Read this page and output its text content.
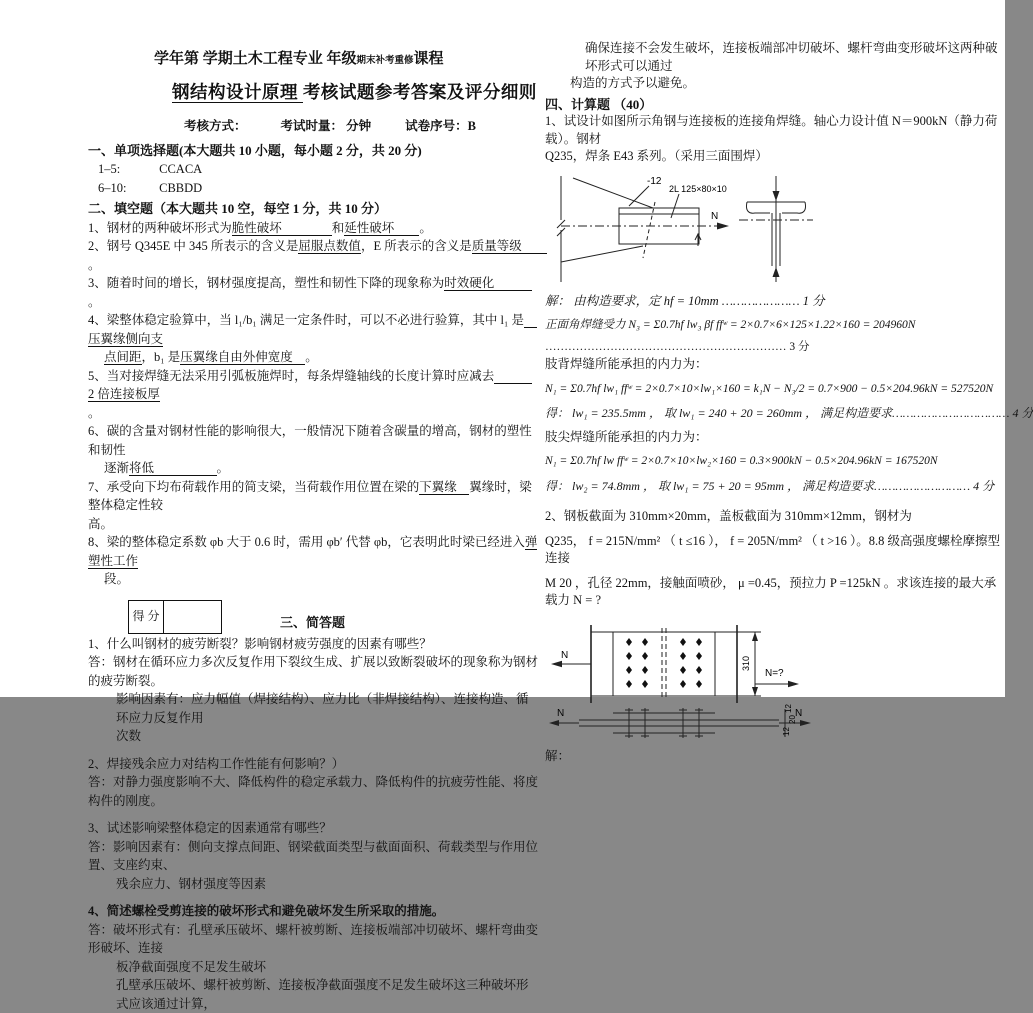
学年第 学期土木工程专业 年级期末补考重修课程
钢结构设计原理 考核试题参考答案及评分细则
考核方式：	考试时量： 分钟	试卷序号：B
一、单项选择题(本大题共 10 小题，每小题 2 分，共 20 分)
1–5:	CCACA
6–10:	CBBDD
二、填空题（本大题共 10 空，每空 1 分，共 10 分）
1、钢材的两种破坏形式为脆性破坏　　　　和延性破坏　　。
2、钢号 Q345E 中 345 所表示的含义是屈服点数值，E 所表示的含义是质量等级　　。
3、随着时间的增长，钢材强度提高，塑性和韧性下降的现象称为时效硬化　　　。
4、梁整体稳定验算中，当 l₁/b₁ 满足一定条件时，可以不必进行验算，其中 l₁ 是　压翼缘侧向支
点间距，b₁ 是压翼缘自由外伸宽度　。
5、当对接焊缝无法采用引弧板施焊时，每条焊缝轴线的长度计算时应减去　　　2 倍连接板厚
。
6、碳的含量对钢材性能的影响很大，一般情况下随着含碳量的增高，钢材的塑性和韧性
逐渐将低　　　　　。
7、承受向下均布荷载作用的简支梁，当荷载作用位置在梁的下翼缘　翼缘时，梁整体稳定性较
高。
8、梁的整体稳定系数 φb 大于 0.6 时，需用 φb′ 代替 φb，它表明此时梁已经进入弹塑性工作
段。
得 分	三、简答题
1、什么叫钢材的疲劳断裂？影响钢材疲劳强度的因素有哪些？
答：钢材在循环应力多次反复作用下裂纹生成、扩展以致断裂破坏的现象称为钢材的疲劳断裂。
影响因素有：应力幅值（焊接结构）、应力比（非焊接结构）、连接构造、循环应力反复作用
次数
2、焊接残余应力对结构工作性能有何影响？）
答：对静力强度影响不大、降低构件的稳定承载力、降低构件的抗疲劳性能、将度构件的刚度。
3、试述影响梁整体稳定的因素通常有哪些？
答：影响因素有：侧向支撑点间距、钢梁截面类型与截面面积、荷载类型与作用位置、支座约束、
残余应力、钢材强度等因素
4、简述螺栓受剪连接的破坏形式和避免破坏发生所采取的措施。
答：破坏形式有：孔壁承压破坏、螺杆被剪断、连接板端部冲切破坏、螺杆弯曲变形破坏、连接
板净截面强度不足发生破坏
孔壁承压破坏、螺杆被剪断、连接板净截面强度不足发生破坏这三种破坏形式应该通过计算，
确保连接不会发生破坏，连接板端部冲切破坏、螺杆弯曲变形破坏这两种破坏形式可以通过
构造的方式予以避免。
四、计算题 （40）
1、试设计如图所示角钢与连接板的连接角焊缝。轴心力设计值 N＝900kN（静力荷载）。钢材
Q235，焊条 E43 系列。（采用三面围焊）
-12
2L 125×80×10
N
解： 由构造要求，定 hf = 10mm ………………… 1 分
正面角焊缝受力 N₃ = Σ0.7hf lw₃ βf ffʷ = 2×0.7×6×125×1.22×160 = 204960N
……………………………………………………… 3 分
肢背焊缝所能承担的内力为：
N₁ = Σ0.7hf lw₁ ffʷ = 2×0.7×10×lw₁×160 = k₁N − N₃/2 = 0.7×900 − 0.5×204.96kN = 527520N
得： lw₁ = 235.5mm ， 取 lw₁ = 240 + 20 = 260mm ， 满足构造要求…………………………… 4 分
肢尖焊缝所能承担的内力为：
N₁ = Σ0.7hf lw ffʷ = 2×0.7×10×lw₂×160 = 0.3×900kN − 0.5×204.96kN = 167520N
得： lw₂ = 74.8mm ， 取 lw₁ = 75 + 20 = 95mm ， 满足构造要求……………………… 4 分
2、钢板截面为 310mm×20mm，盖板截面为 310mm×12mm，钢材为
Q235， f = 215N/mm² （ t ≤16 ）， f = 205N/mm² （ t >16 ）。8.8 级高强度螺栓摩擦型连接
M 20 ，孔径 22mm，接触面喷砂， μ =0.45，预拉力 P =125kN 。求该连接的最大承载力 N = ?
N
310
N=?
N	N
12
20
12
解：
